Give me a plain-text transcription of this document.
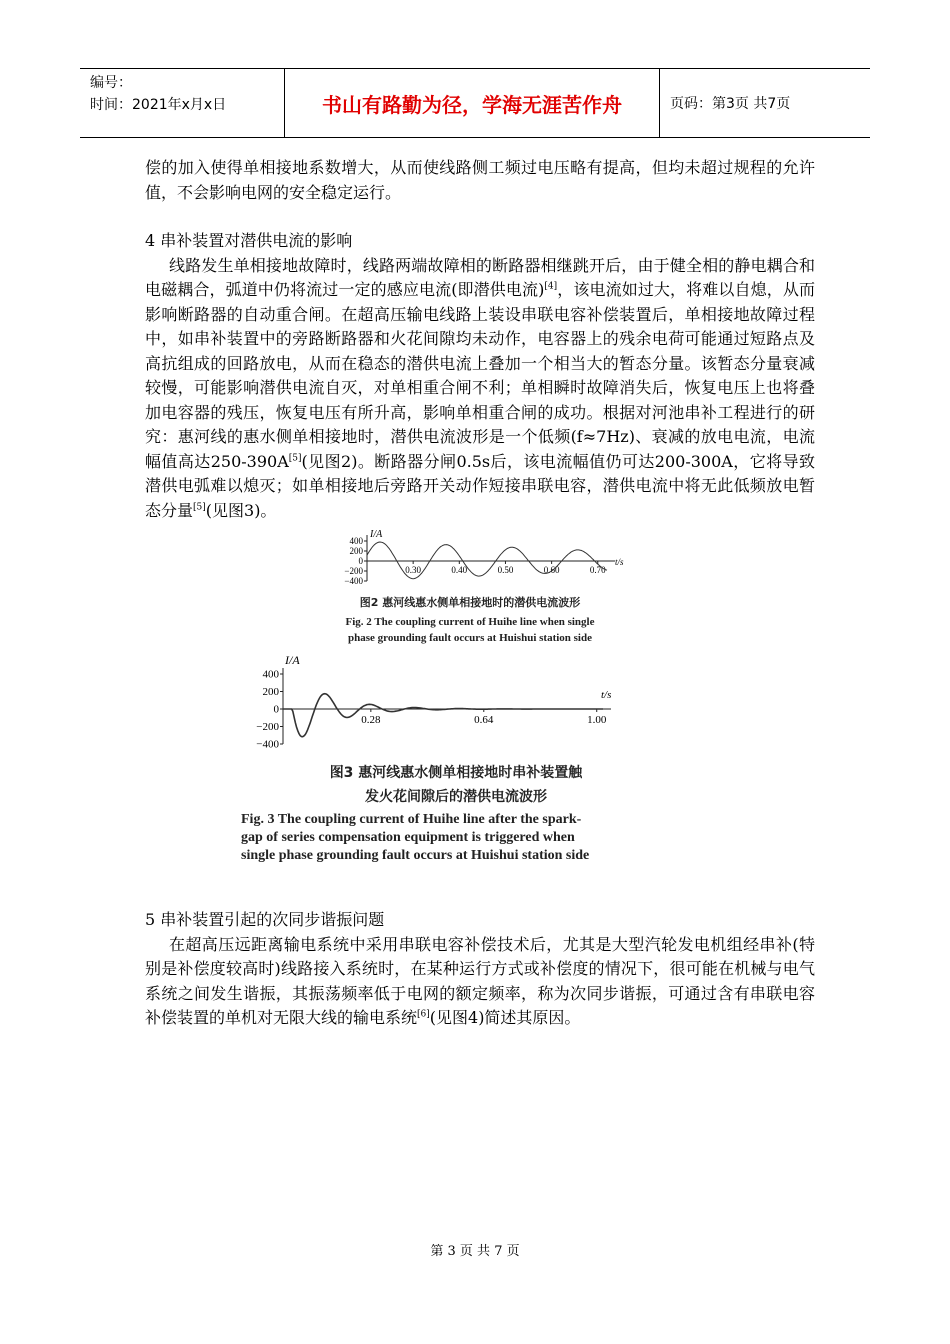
编号：
时间：2021年x月x日	书山有路勤为径，学海无涯苦作舟	页码：第3页 共7页

偿的加入使得单相接地系数增大，从而使线路侧工频过电压略有提高，但均未超过规程的允许值，不会影响电网的安全稳定运行。

4 串补装置对潜供电流的影响

线路发生单相接地故障时，线路两端故障相的断路器相继跳开后，由于健全相的静电耦合和电磁耦合，弧道中仍将流过一定的感应电流(即潜供电流)[4]，该电流如过大，将难以自熄，从而影响断路器的自动重合闸。在超高压输电线路上装设串联电容补偿装置后，单相接地故障过程中，如串补装置中的旁路断路器和火花间隙均未动作，电容器上的残余电荷可能通过短路点及高抗组成的回路放电，从而在稳态的潜供电流上叠加一个相当大的暂态分量。该暂态分量衰减较慢，可能影响潜供电流自灭，对单相重合闸不利；单相瞬时故障消失后，恢复电压上也将叠加电容器的残压，恢复电压有所升高，影响单相重合闸的成功。根据对河池串补工程进行的研究：惠河线的惠水侧单相接地时，潜供电流波形是一个低频(f≈7Hz)、衰减的放电电流，电流幅值高达250-390A[5](见图2)。断路器分闸0.5s后，该电流幅值仍可达200-300A，它将导致潜供电弧难以熄灭；如单相接地后旁路开关动作短接串联电容，潜供电流中将无此低频放电暂态分量[5](见图3)。

I/A
t/s
400
200
0
−200
−400
0.30	0.40	0.50	0.60	0.70
图2 惠河线惠水侧单相接地时的潜供电流波形
Fig. 2 The coupling current of Huihe line when single
phase grounding fault occurs at Huishui station side
I/A
t/s
400
200
0
−200
−400
0.28	0.64	1.00
图3 惠河线惠水侧单相接地时串补装置触
发火花间隙后的潜供电流波形
Fig. 3 The coupling current of Huihe line after the spark-
gap of series compensation equipment is triggered when
single phase grounding fault occurs at Huishui station side

5 串补装置引起的次同步谐振问题

在超高压远距离输电系统中采用串联电容补偿技术后，尤其是大型汽轮发电机组经串补(特别是补偿度较高时)线路接入系统时，在某种运行方式或补偿度的情况下，很可能在机械与电气系统之间发生谐振，其振荡频率低于电网的额定频率，称为次同步谐振，可通过含有串联电容补偿装置的单机对无限大线的输电系统[6](见图4)简述其原因。

第 3 页 共 7 页
